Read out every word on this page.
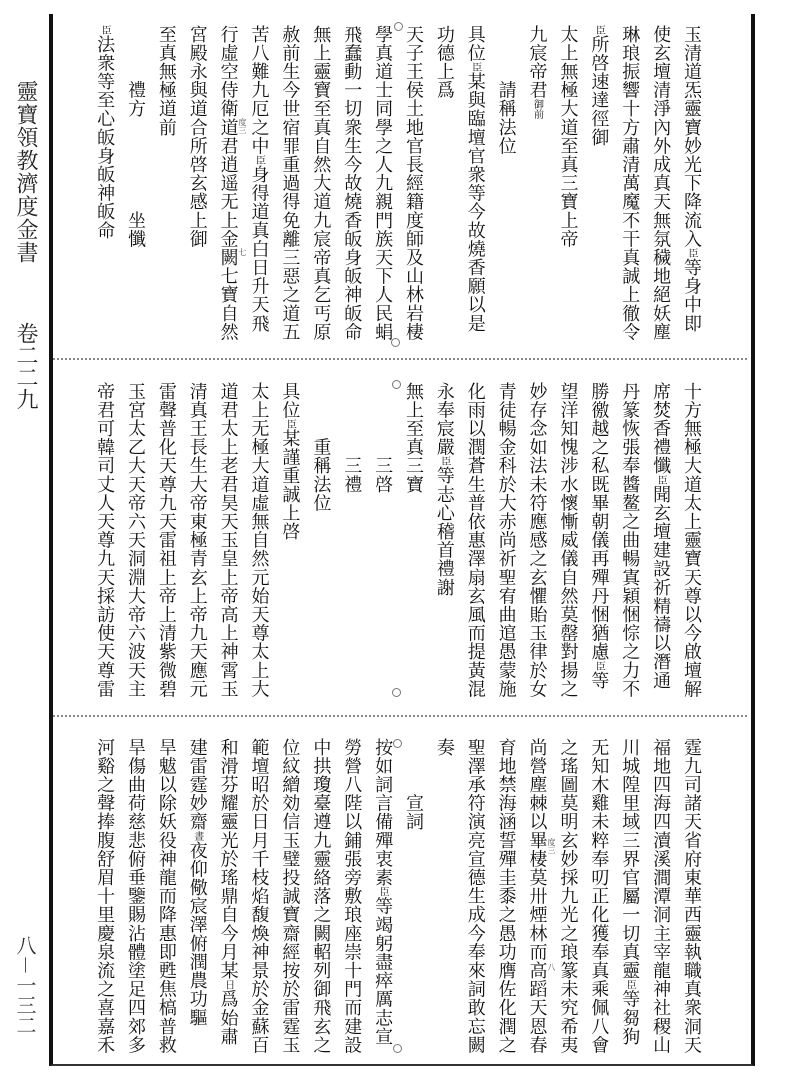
靈寶領教濟度金書
卷二二九
八－一三二
玉清道炁靈寶妙光下降流入臣等身中即
使玄壇清淨內外成真天無氛穢地絕妖塵
琳琅振響十方肅清萬魔不干真誠上徹令
臣所啓速達徑御
太上無極大道至真三寶上帝
九宸帝君御前
　　　請稱法位
具位臣某與臨壇官衆等今故燒香願以是
功德上爲
天子王侯土地官長經籍度師及山林岩棲
學真道士同學之人九親門族天下人民蜎
飛蠢動一切衆生今故燒香皈身皈神皈命
無上靈寶至真自然大道九宸帝真乞丐原
赦前生今世宿罪重過得免離三惡之道五
苦八難九厄之中臣身得道真白日升天飛
行虛空侍衛道君逍遥无上金闕七寶自然
宮殿永與道合所啓玄感上御
至真無極道前
　　　禮方　　　　　坐懺
臣法衆等至心皈身皈神皈命
十方無極大道太上靈寶天尊以今啟壇解
席焚香禮懺臣聞玄壇建設祈精禱以潛通
丹篆恢張奉醬鳌之曲暢寘穎悃悰之力不
勝徼越之私既畢朝儀再殫丹悃猶慮臣等
望洋知愧涉水懷慚威儀自然莫罄對揚之
妙存念如法未符應感之玄懼貽玉律於女
青徒暢金科於大赤尚祈聖宥曲逭愚蒙施
化雨以潤蒼生普依惠澤扇玄風而提黃混
永奉宸嚴臣等志心稽首禮謝
無上至真三寶
　　　　三啓
　　　　三禮
　　　重稱法位
具位臣某謹重誠上啓
太上无極大道虛無自然元始天尊太上大
道君太上老君昊天玉皇上帝高上神霄玉
清真王長生大帝東極青玄上帝九天應元
雷聲普化天尊九天雷祖上帝上清紫微碧
玉宮太乙大天帝六天洞淵大帝六波天主
帝君可韓司丈人天尊九天採訪使天尊雷
霆九司諸天省府東華西靈執職真衆洞天
福地四海四瀆溪澗潭洞主宰龍神社稷山
川城隍里域三界官屬一切真靈臣等芻狗
无知木雞未粹奉叨正化獲奉真乘佩八會
之瑤圖莫明玄妙採九光之琅篆未究希夷
尚營塵棘以畢棲莫卅煙林而高蹈天恩春
育地禁海涵誓殫圭黍之愚功膺佐化潤之
聖澤承符演亮宣德生成今奉來詞敢忘闕
奏
　　　宣詞
按如詞言備殫衷素臣等竭躬盡瘁厲志宣
勞營八陛以鋪張旁敷琅座崇十門而建設
中拱瓊臺遵九靈絡落之闕軺列御飛玄之
位紋繒効信玉璧投誠寶齋經按於雷霆玉
範壇昭於日月千枝焰馥煥神景於金蘇百
和滑芬耀靈光於瑤鼎自今月某日爲始肅
建雷霆妙齋晝夜仰儆宸澤俯潤農功驅
旱魃以除妖役神龍而降惠即甦焦槁普救
旱傷曲荷慈悲俯垂鑒賜沾體塗足四郊多
河谿之聲捧腹舒眉十里慶泉流之喜嘉禾
度三
七
度三
八
